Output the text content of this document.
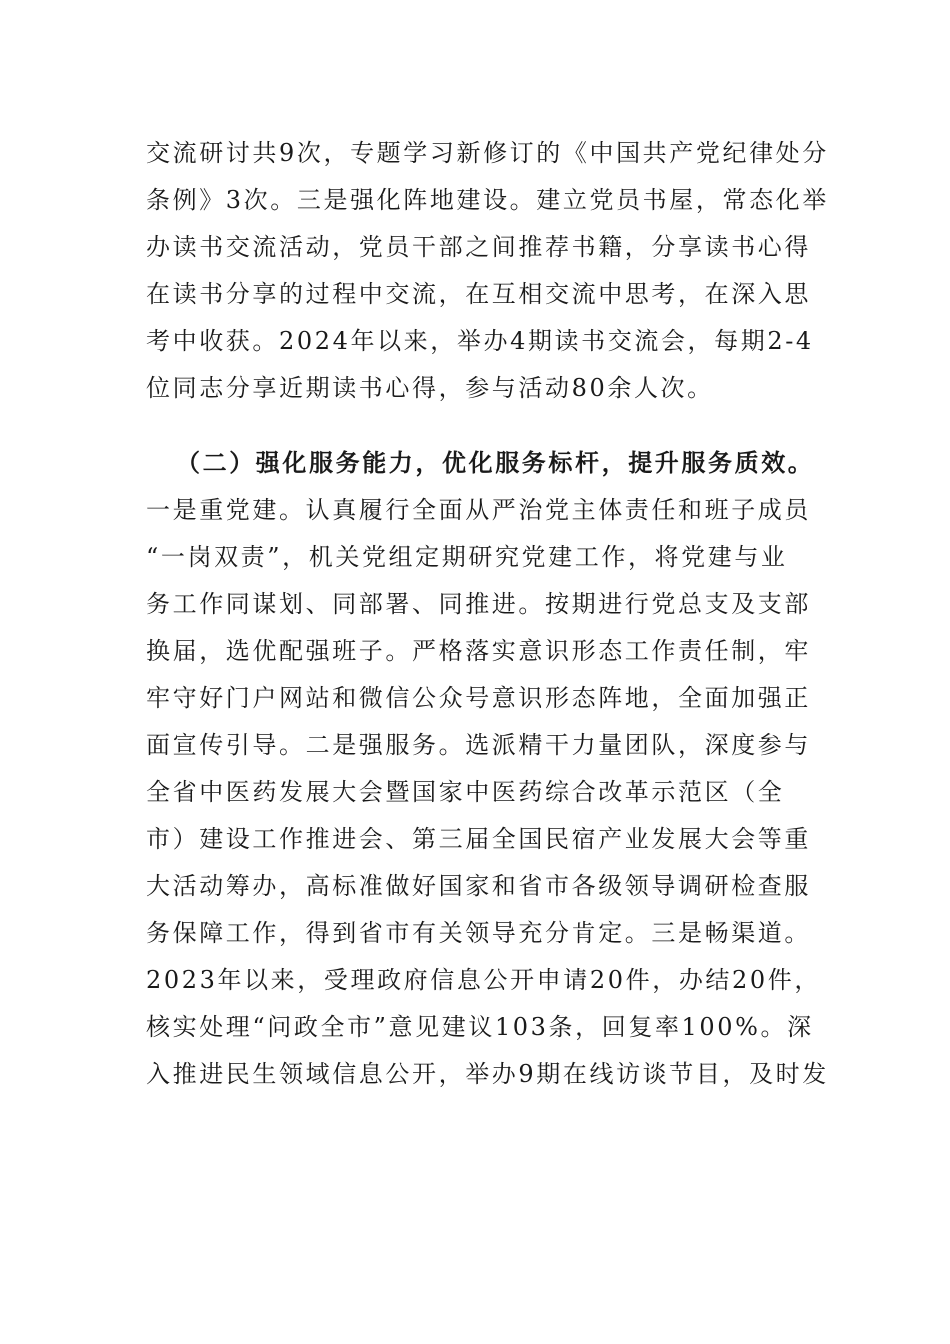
交流研讨共9次，专题学习新修订的《中国共产党纪律处分
条例》3次。三是强化阵地建设。建立党员书屋，常态化举
办读书交流活动，党员干部之间推荐书籍，分享读书心得
在读书分享的过程中交流，在互相交流中思考，在深入思
考中收获。2024年以来，举办4期读书交流会，每期2-4
位同志分享近期读书心得，参与活动80余人次。
（二）强化服务能力，优化服务标杆，提升服务质效。
一是重党建。认真履行全面从严治党主体责任和班子成员
“一岗双责”，机关党组定期研究党建工作，将党建与业
务工作同谋划、同部署、同推进。按期进行党总支及支部
换届，选优配强班子。严格落实意识形态工作责任制，牢
牢守好门户网站和微信公众号意识形态阵地，全面加强正
面宣传引导。二是强服务。选派精干力量团队，深度参与
全省中医药发展大会暨国家中医药综合改革示范区（全
市）建设工作推进会、第三届全国民宿产业发展大会等重
大活动筹办，高标准做好国家和省市各级领导调研检查服
务保障工作，得到省市有关领导充分肯定。三是畅渠道。
2023年以来，受理政府信息公开申请20件，办结20件，
核实处理“问政全市”意见建议103条，回复率100%。深
入推进民生领域信息公开，举办9期在线访谈节目，及时发
